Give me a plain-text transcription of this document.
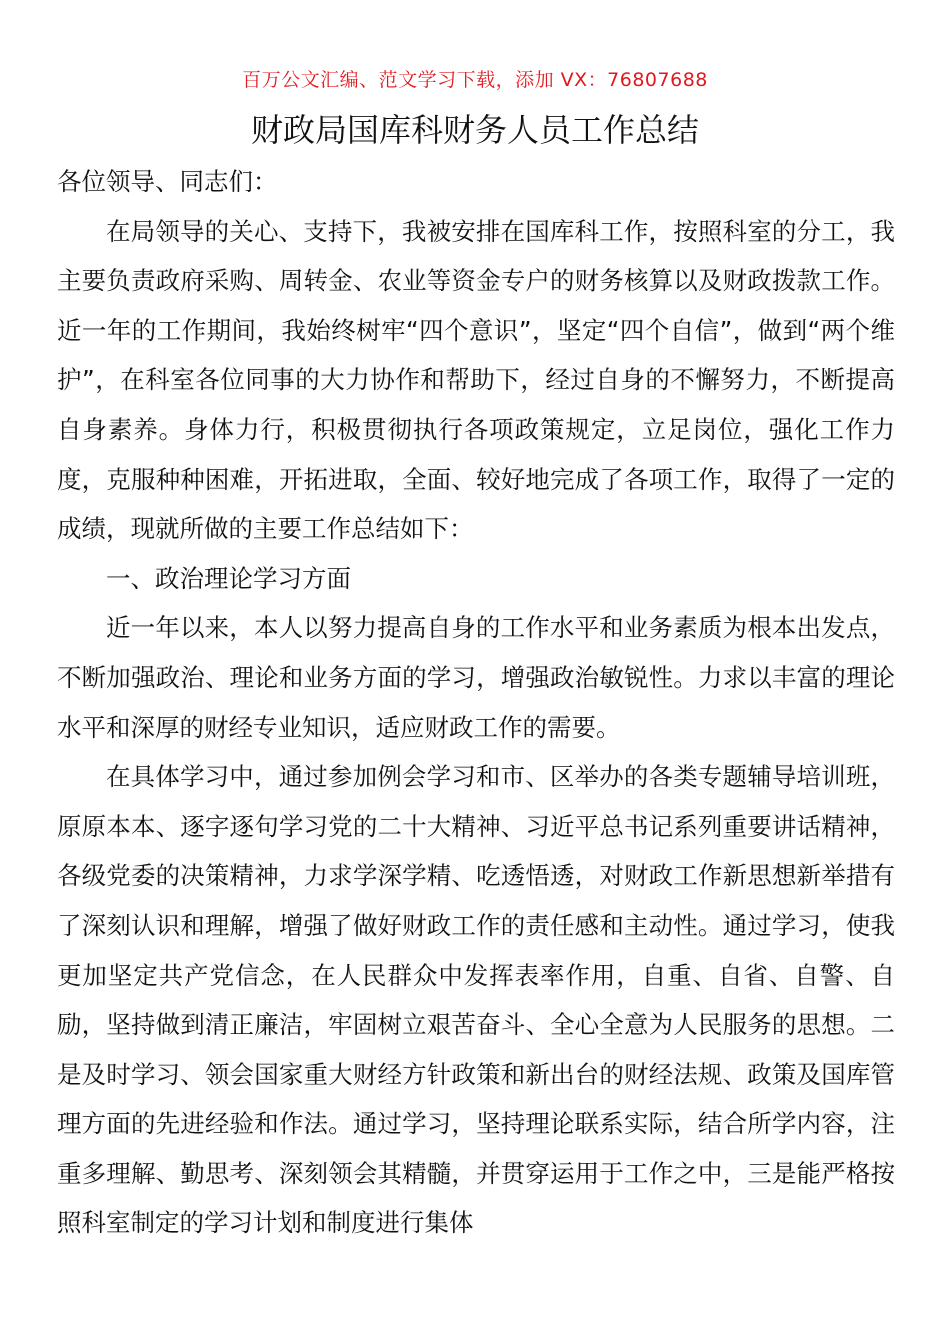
百万公文汇编、范文学习下载，添加 VX：76807688
财政局国库科财务人员工作总结

各位领导、同志们：

在局领导的关心、支持下，我被安排在国库科工作，按照科室的分工，我主要负责政府采购、周转金、农业等资金专户的财务核算以及财政拨款工作。近一年的工作期间，我始终树牢“四个意识”，坚定“四个自信”，做到“两个维护”，在科室各位同事的大力协作和帮助下，经过自身的不懈努力，不断提高自身素养。身体力行，积极贯彻执行各项政策规定，立足岗位，强化工作力度，克服种种困难，开拓进取，全面、较好地完成了各项工作，取得了一定的成绩，现就所做的主要工作总结如下：

一、政治理论学习方面

近一年以来，本人以努力提高自身的工作水平和业务素质为根本出发点，不断加强政治、理论和业务方面的学习，增强政治敏锐性。力求以丰富的理论水平和深厚的财经专业知识，适应财政工作的需要。

在具体学习中，通过参加例会学习和市、区举办的各类专题辅导培训班，原原本本、逐字逐句学习党的二十大精神、习近平总书记系列重要讲话精神，各级党委的决策精神，力求学深学精、吃透悟透，对财政工作新思想新举措有了深刻认识和理解，增强了做好财政工作的责任感和主动性。通过学习，使我更加坚定共产党信念，在人民群众中发挥表率作用，自重、自省、自警、自励，坚持做到清正廉洁，牢固树立艰苦奋斗、全心全意为人民服务的思想。二是及时学习、领会国家重大财经方针政策和新出台的财经法规、政策及国库管理方面的先进经验和作法。通过学习，坚持理论联系实际，结合所学内容，注重多理解、勤思考、深刻领会其精髓，并贯穿运用于工作之中，三是能严格按照科室制定的学习计划和制度进行集体
